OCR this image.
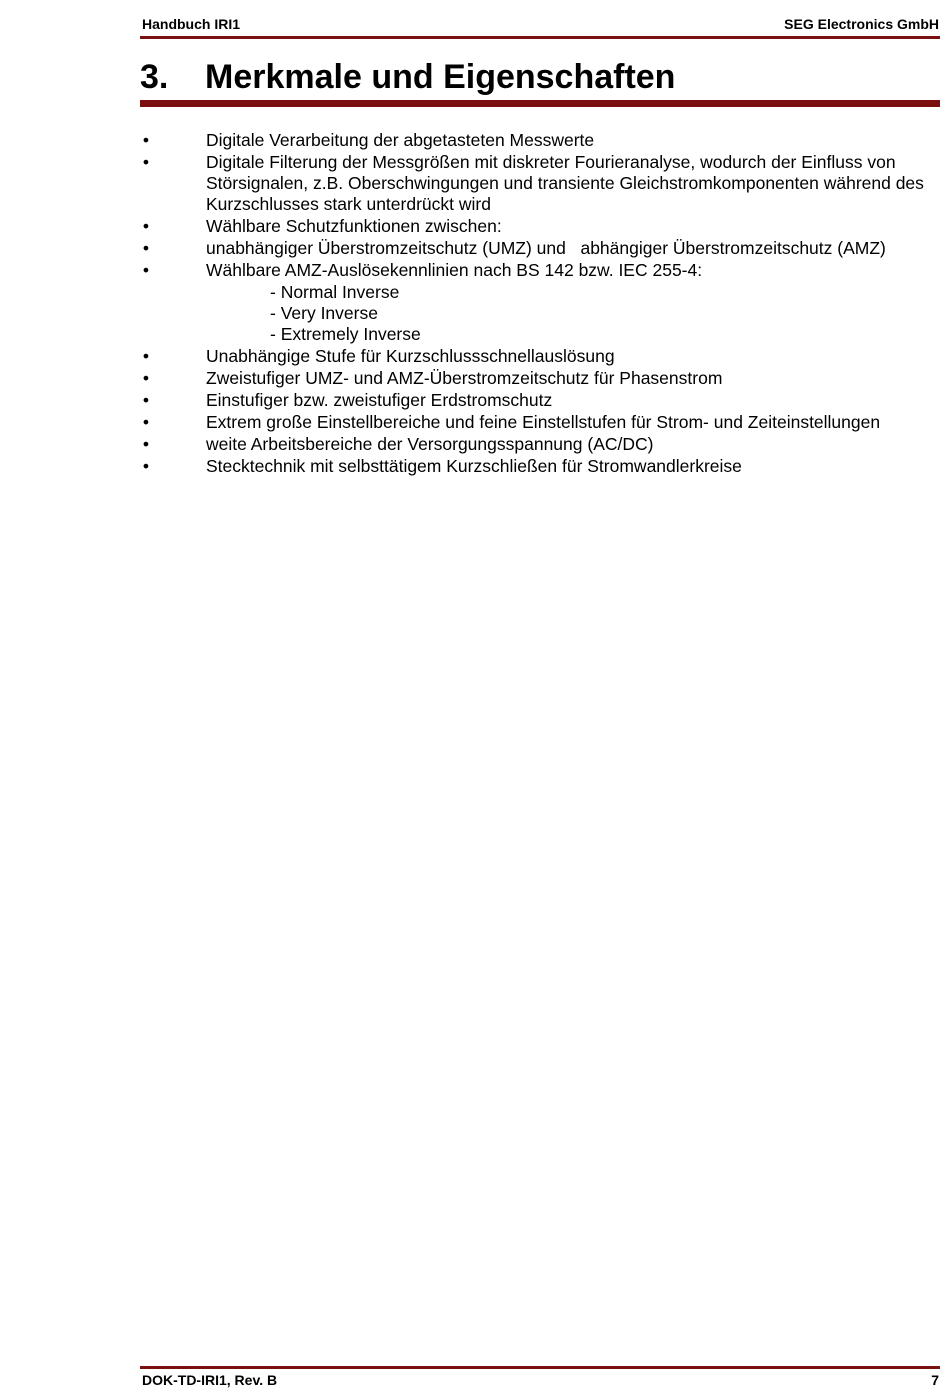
Handbuch IRI1	SEG Electronics GmbH
3. Merkmale und Eigenschaften
•	Digitale Verarbeitung der abgetasteten Messwerte
•	Digitale Filterung der Messgrößen mit diskreter Fourieranalyse, wodurch der Einfluss von Störsignalen, z.B. Oberschwingungen und transiente Gleichstromkomponenten während des Kurzschlusses stark unterdrückt wird
•	Wählbare Schutzfunktionen zwischen:
•	unabhängiger Überstromzeitschutz (UMZ) und   abhängiger Überstromzeitschutz (AMZ)
•	Wählbare AMZ-Auslösekennlinien nach BS 142 bzw. IEC 255-4:
- Normal Inverse
- Very Inverse
- Extremely Inverse
•	Unabhängige Stufe für Kurzschlussschnellauslösung
•	Zweistufiger UMZ- und AMZ-Überstromzeitschutz für Phasenstrom
•	Einstufiger bzw. zweistufiger Erdstromschutz
•	Extrem große Einstellbereiche und feine Einstellstufen für Strom- und Zeiteinstellungen
•	weite Arbeitsbereiche der Versorgungsspannung (AC/DC)
•	Stecktechnik mit selbsttätigem Kurzschließen für Stromwandlerkreise
DOK-TD-IRI1, Rev. B	7
